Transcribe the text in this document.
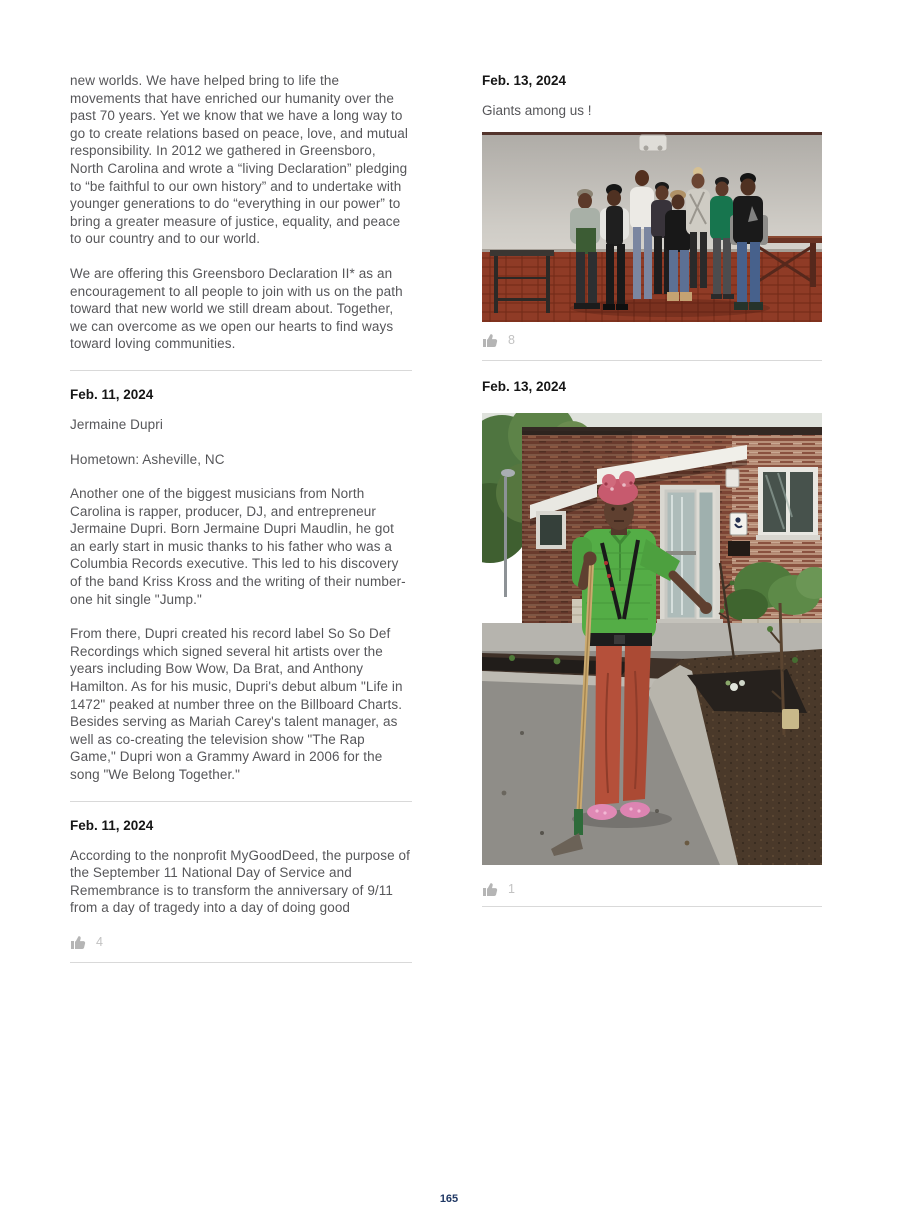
new worlds. We have helped bring to life the movements that have enriched our humanity over the past 70 years. Yet we know that we have a long way to go to create relations based on peace, love, and mutual responsibility. In 2012 we gathered in Greensboro, North Carolina and wrote a “living Declaration” pledging to “be faithful to our own history” and to undertake with younger generations to do “everything in our power” to bring a greater measure of justice, equality, and peace to our country and to our world.

We are offering this Greensboro Declaration II* as an encouragement to all people to join with us on the path toward that new world we still dream about. Together, we can overcome as we open our hearts to find ways toward loving communities.

Feb. 11, 2024

Jermaine Dupri

Hometown: Asheville, NC

Another one of the biggest musicians from North Carolina is rapper, producer, DJ, and entrepreneur Jermaine Dupri. Born Jermaine Dupri Maudlin, he got an early start in music thanks to his father who was a Columbia Records executive. This led to his discovery of the band Kriss Kross and the writing of their number-one hit single "Jump."

From there, Dupri created his record label So So Def Recordings which signed several hit artists over the years including Bow Wow, Da Brat, and Anthony Hamilton. As for his music, Dupri's debut album "Life in 1472" peaked at number three on the Billboard Charts. Besides serving as Mariah Carey's talent manager, as well as co-creating the television show "The Rap Game," Dupri won a Grammy Award in 2006 for the song "We Belong Together."

Feb. 11, 2024

According to the nonprofit MyGoodDeed, the purpose of the September 11 National Day of Service and Remembrance is to transform the anniversary of 9/11 from a day of tragedy into a day of doing good

4
Feb. 13, 2024

Giants among us !

8
Feb. 13, 2024
1
165
